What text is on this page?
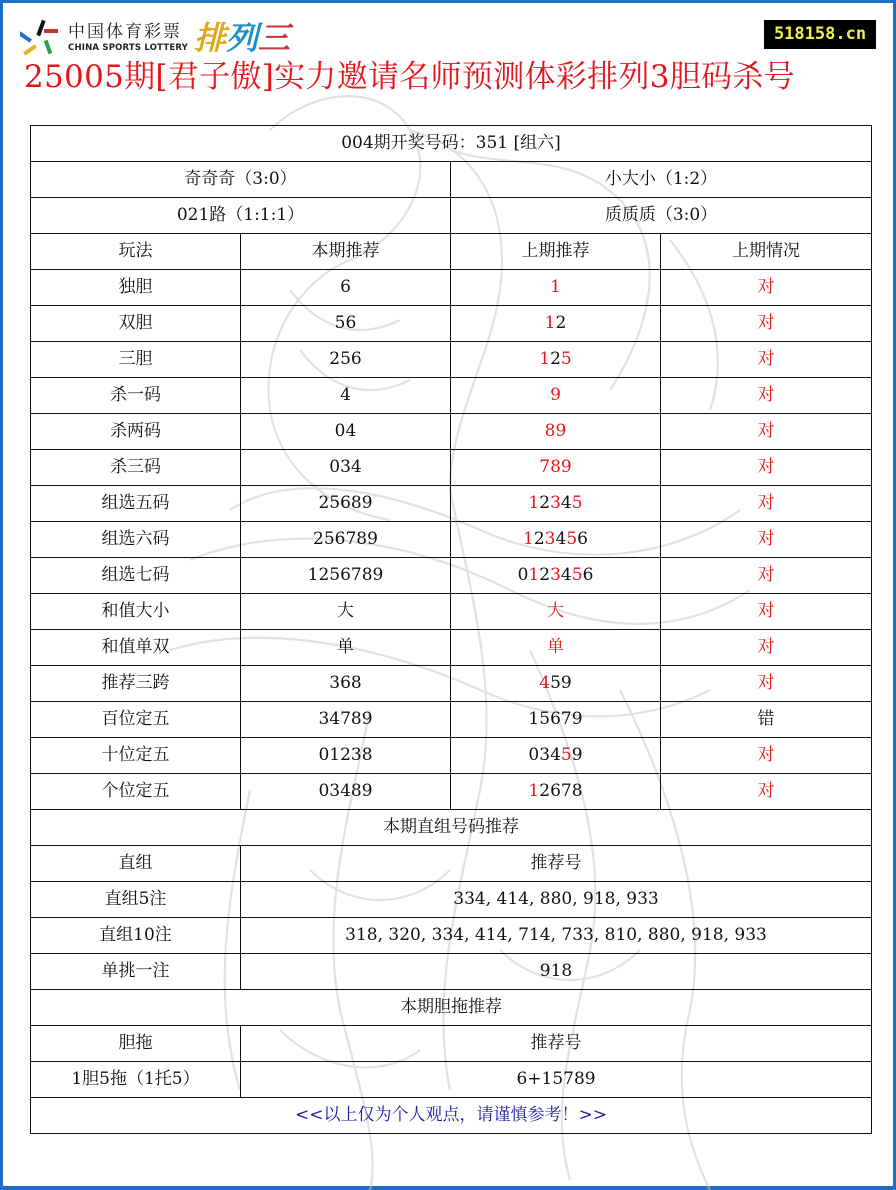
中国体育彩票
CHINA SPORTS LOTTERY 排 列 三	518158.cn
25005期[君子傲]实力邀请名师预测体彩排列3胆码杀号
004期开奖号码：351 [组六]			
奇奇奇（3:0）		小大小（1:2）	
021路（1:1:1）		质质质（3:0）	
玩法	本期推荐	上期推荐	上期情况
独胆	6	1	对
双胆	56	12	对
三胆	256	125	对
杀一码	4	9	对
杀两码	04	89	对
杀三码	034	789	对
组选五码	25689	12345	对
组选六码	256789	123456	对
组选七码	1256789	0123456	对
和值大小	大	大	对
和值单双	单	单	对
推荐三跨	368	459	对
百位定五	34789	15679	错
十位定五	01238	03459	对
个位定五	03489	12678	对
本期直组号码推荐			
直组	推荐号		
直组5注	334, 414, 880, 918, 933		
直组10注	318, 320, 334, 414, 714, 733, 810, 880, 918, 933		
单挑一注	918		
本期胆拖推荐			
胆拖	推荐号		
1胆5拖（1托5）	6+15789		
<<以上仅为个人观点，请谨慎参考！>>			
